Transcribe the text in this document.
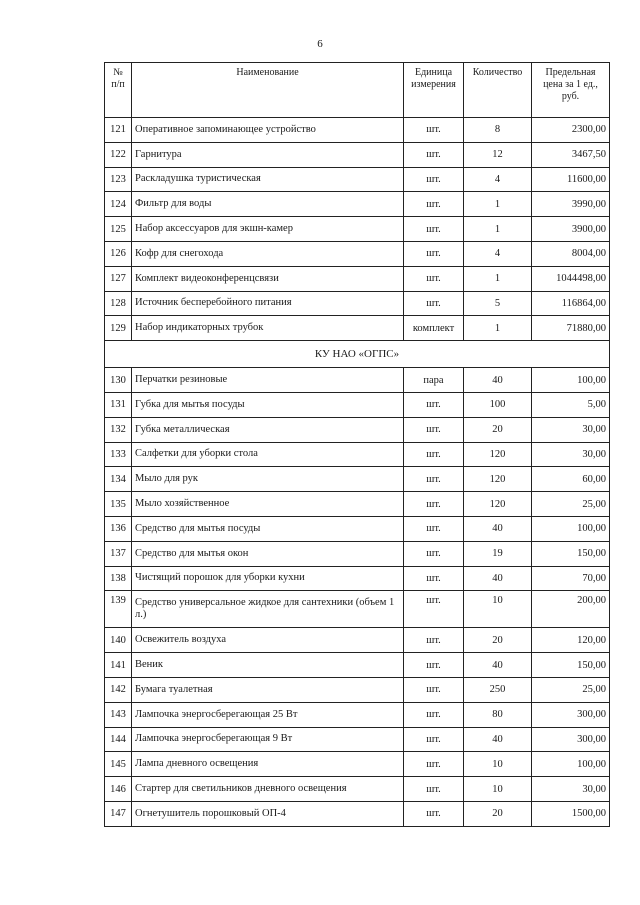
6
№ п/п	Наименование	Единица измерения	Количество	Предельная цена за 1 ед., руб.
121	Оперативное запоминающее устройство	шт.	8	2300,00
122	Гарнитура	шт.	12	3467,50
123	Раскладушка туристическая	шт.	4	11600,00
124	Фильтр для воды	шт.	1	3990,00
125	Набор аксессуаров для экшн-камер	шт.	1	3900,00
126	Кофр для снегохода	шт.	4	8004,00
127	Комплект видеоконференцсвязи	шт.	1	1044498,00
128	Источник бесперебойного питания	шт.	5	116864,00
129	Набор индикаторных трубок	комплект	1	71880,00
КУ НАО «ОГПС»				
130	Перчатки резиновые	пара	40	100,00
131	Губка для мытья посуды	шт.	100	5,00
132	Губка металлическая	шт.	20	30,00
133	Салфетки для уборки стола	шт.	120	30,00
134	Мыло для рук	шт.	120	60,00
135	Мыло хозяйственное	шт.	120	25,00
136	Средство для мытья посуды	шт.	40	100,00
137	Средство для мытья окон	шт.	19	150,00
138	Чистящий порошок для уборки кухни	шт.	40	70,00
139	Средство универсальное жидкое для сантехники (объем 1 л.)	шт.	10	200,00
140	Освежитель воздуха	шт.	20	120,00
141	Веник	шт.	40	150,00
142	Бумага туалетная	шт.	250	25,00
143	Лампочка энергосберегающая 25 Вт	шт.	80	300,00
144	Лампочка энергосберегающая 9 Вт	шт.	40	300,00
145	Лампа дневного освещения	шт.	10	100,00
146	Стартер для светильников дневного освещения	шт.	10	30,00
147	Огнетушитель порошковый ОП-4	шт.	20	1500,00
